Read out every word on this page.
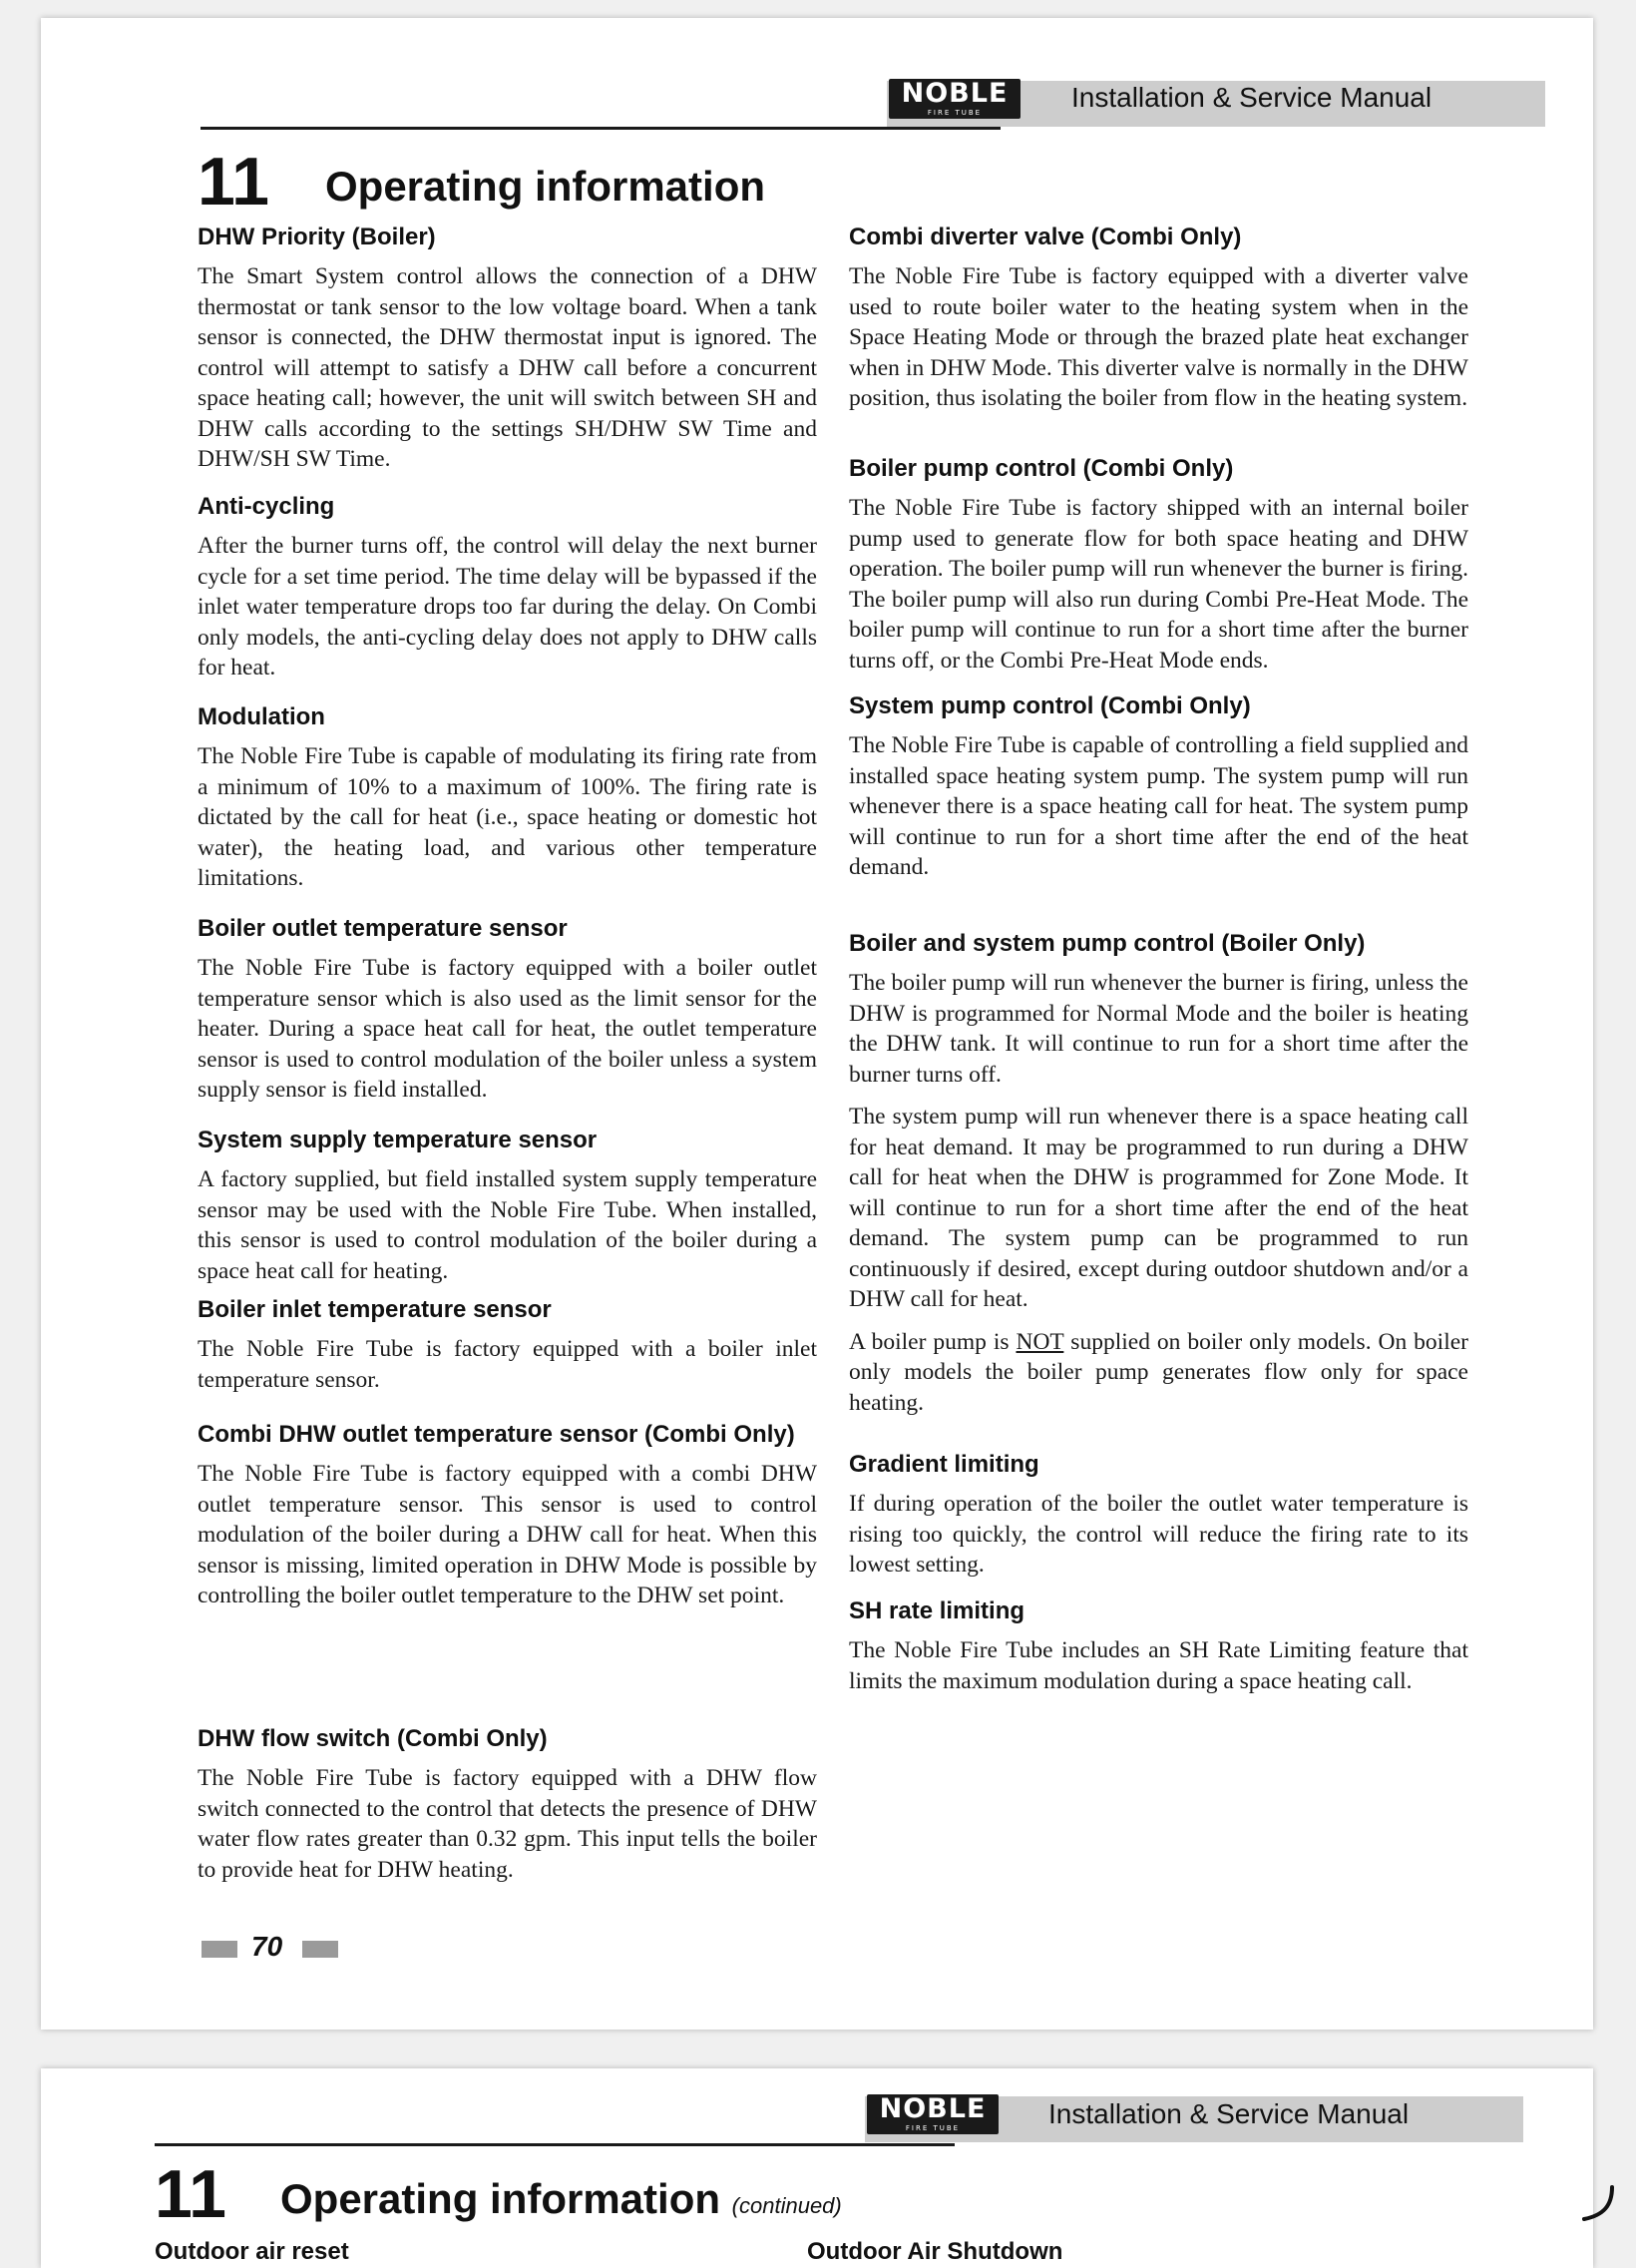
NOBLE
FIRE TUBE	Installation & Service Manual
11 Operating information
DHW Priority (Boiler)

The Smart System control allows the connection of a DHW thermostat or tank sensor to the low voltage board. When a tank sensor is connected, the DHW thermostat input is ignored. The control will attempt to satisfy a DHW call before a concurrent space heating call; however, the unit will switch between SH and DHW calls according to the settings SH/DHW SW Time and DHW/SH SW Time.

Anti-cycling

After the burner turns off, the control will delay the next burner cycle for a set time period. The time delay will be bypassed if the inlet water temperature drops too far during the delay. On Combi only models, the anti-cycling delay does not apply to DHW calls for heat.

Modulation

The Noble Fire Tube is capable of modulating its firing rate from a minimum of 10% to a maximum of 100%. The firing rate is dictated by the call for heat (i.e., space heating or domestic hot water), the heating load, and various other temperature limitations.

Boiler outlet temperature sensor

The Noble Fire Tube is factory equipped with a boiler outlet temperature sensor which is also used as the limit sensor for the heater. During a space heat call for heat, the outlet temperature sensor is used to control modulation of the boiler unless a system supply sensor is field installed.

System supply temperature sensor

A factory supplied, but field installed system supply temperature sensor may be used with the Noble Fire Tube. When installed, this sensor is used to control modulation of the boiler during a space heat call for heating.

Boiler inlet temperature sensor

The Noble Fire Tube is factory equipped with a boiler inlet temperature sensor.

Combi DHW outlet temperature sensor (Combi Only)

The Noble Fire Tube is factory equipped with a combi DHW outlet temperature sensor. This sensor is used to control modulation of the boiler during a DHW call for heat. When this sensor is missing, limited operation in DHW Mode is possible by controlling the boiler outlet temperature to the DHW set point.

DHW flow switch (Combi Only)

The Noble Fire Tube is factory equipped with a DHW flow switch connected to the control that detects the presence of DHW water flow rates greater than 0.32 gpm. This input tells the boiler to provide heat for DHW heating.

Combi diverter valve (Combi Only)

The Noble Fire Tube is factory equipped with a diverter valve used to route boiler water to the heating system when in the Space Heating Mode or through the brazed plate heat exchanger when in DHW Mode. This diverter valve is normally in the DHW position, thus isolating the boiler from flow in the heating system.

Boiler pump control (Combi Only)

The Noble Fire Tube is factory shipped with an internal boiler pump used to generate flow for both space heating and DHW operation. The boiler pump will run whenever the burner is firing. The boiler pump will also run during Combi Pre-Heat Mode. The boiler pump will continue to run for a short time after the burner turns off, or the Combi Pre-Heat Mode ends.

System pump control (Combi Only)

The Noble Fire Tube is capable of controlling a field supplied and installed space heating system pump. The system pump will run whenever there is a space heating call for heat. The system pump will continue to run for a short time after the end of the heat demand.

Boiler and system pump control (Boiler Only)

The boiler pump will run whenever the burner is firing, unless the DHW is programmed for Normal Mode and the boiler is heating the DHW tank. It will continue to run for a short time after the burner turns off.

The system pump will run whenever there is a space heating call for heat demand. It may be programmed to run during a DHW call for heat when the DHW is programmed for Zone Mode. It will continue to run for a short time after the end of the heat demand. The system pump can be programmed to run continuously if desired, except during outdoor shutdown and/or a DHW call for heat.

A boiler pump is NOT supplied on boiler only models. On boiler only models the boiler pump generates flow only for space heating.

Gradient limiting

If during operation of the boiler the outlet water temperature is rising too quickly, the control will reduce the firing rate to its lowest setting.

SH rate limiting

The Noble Fire Tube includes an SH Rate Limiting feature that limits the maximum modulation during a space heating call.

70
NOBLE
FIRE TUBE	Installation & Service Manual
11 Operating information (continued)
Outdoor air reset	Outdoor Air Shutdown
